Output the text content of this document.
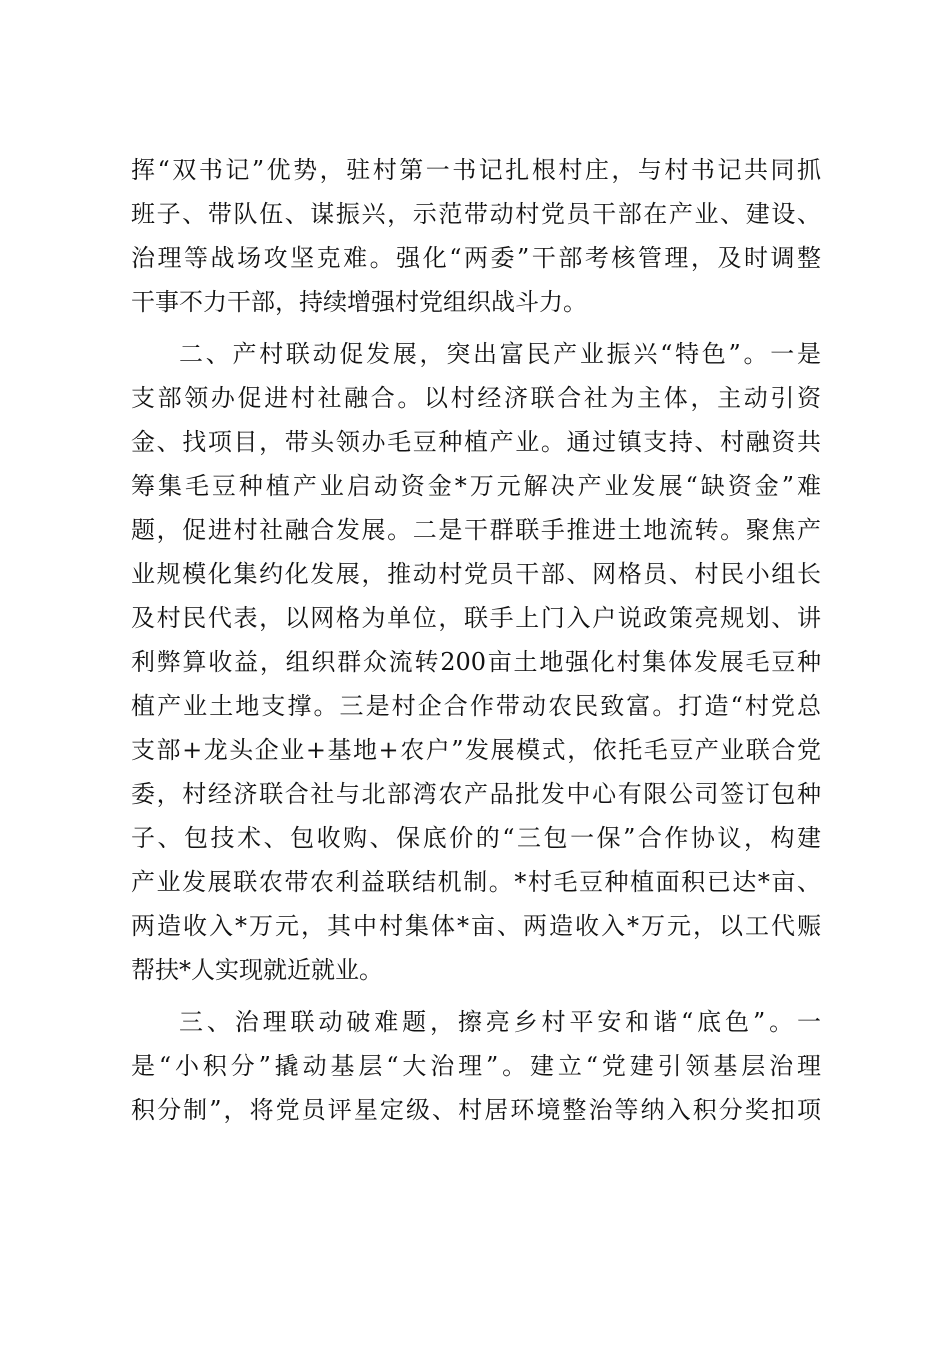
挥“双书记”优势，驻村第一书记扎根村庄，与村书记共同抓
班子、带队伍、谋振兴，示范带动村党员干部在产业、建设、
治理等战场攻坚克难。强化“两委”干部考核管理，及时调整
干事不力干部，持续增强村党组织战斗力。
二、产村联动促发展，突出富民产业振兴“特色”。一是
支部领办促进村社融合。以村经济联合社为主体，主动引资
金、找项目，带头领办毛豆种植产业。通过镇支持、村融资共
筹集毛豆种植产业启动资金*万元解决产业发展“缺资金”难
题，促进村社融合发展。二是干群联手推进土地流转。聚焦产
业规模化集约化发展，推动村党员干部、网格员、村民小组长
及村民代表，以网格为单位，联手上门入户说政策亮规划、讲
利弊算收益，组织群众流转200亩土地强化村集体发展毛豆种
植产业土地支撑。三是村企合作带动农民致富。打造“村党总
支部+龙头企业+基地+农户”发展模式，依托毛豆产业联合党
委，村经济联合社与北部湾农产品批发中心有限公司签订包种
子、包技术、包收购、保底价的“三包一保”合作协议，构建
产业发展联农带农利益联结机制。*村毛豆种植面积已达*亩、
两造收入*万元，其中村集体*亩、两造收入*万元，以工代赈
帮扶*人实现就近就业。
三、治理联动破难题，擦亮乡村平安和谐“底色”。一
是“小积分”撬动基层“大治理”。建立“党建引领基层治理
积分制”，将党员评星定级、村居环境整治等纳入积分奖扣项
